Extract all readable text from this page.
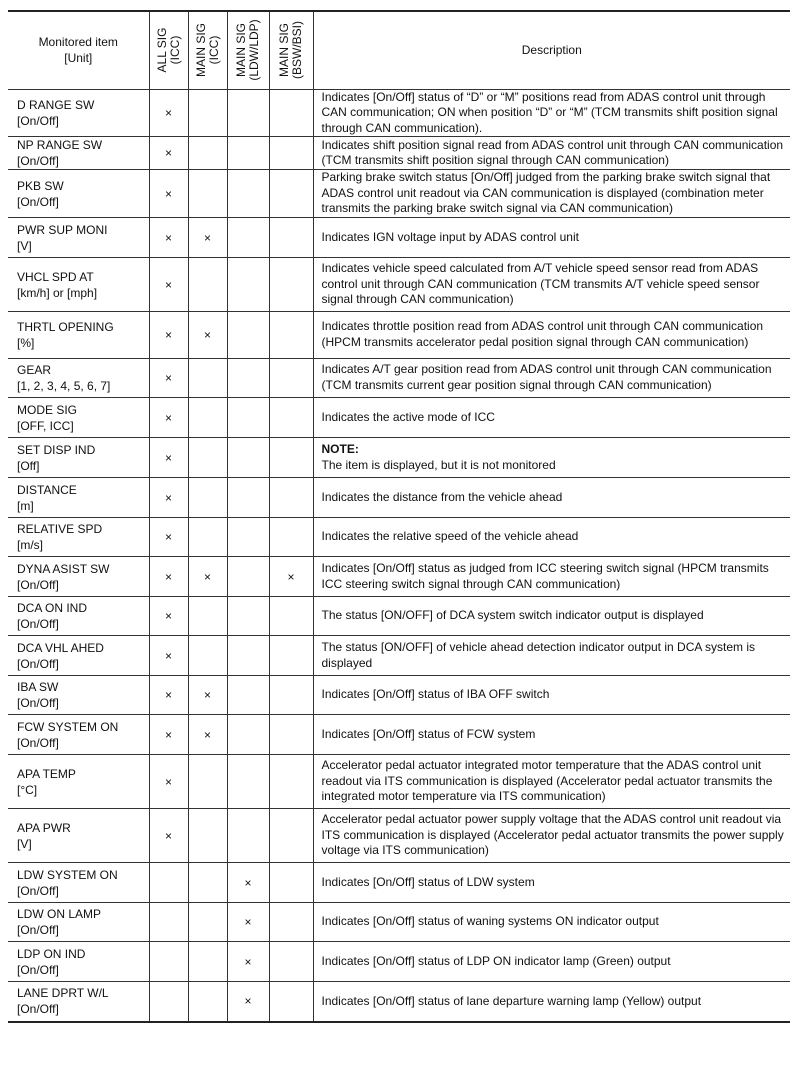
Monitored item
[Unit]	ALL SIG (ICC)	MAIN SIG (ICC)	MAIN SIG (LDW/LDP)	MAIN SIG (BSW/BSI)	Description

D RANGE SW
[On/Off]	×				Indicates [On/Off] status of “D” or “M” positions read from ADAS control unit through CAN communication; ON when position “D” or “M” (TCM transmits shift position signal through CAN communication).

NP RANGE SW
[On/Off]	×				Indicates shift position signal read from ADAS control unit through CAN communication (TCM transmits shift position signal through CAN communication)

PKB SW
[On/Off]	×				Parking brake switch status [On/Off] judged from the parking brake switch signal that ADAS control unit readout via CAN communication is displayed (combination meter transmits the parking brake switch signal via CAN communication)

PWR SUP MONI
[V]	×	×			Indicates IGN voltage input by ADAS control unit

VHCL SPD AT
[km/h] or [mph]	×				Indicates vehicle speed calculated from A/T vehicle speed sensor read from ADAS control unit through CAN communication (TCM transmits A/T vehicle speed sensor signal through CAN communication)

THRTL OPENING
[%]	×	×			Indicates throttle position read from ADAS control unit through CAN communication (HPCM transmits accelerator pedal position signal through CAN communication)

GEAR
[1, 2, 3, 4, 5, 6, 7]	×				Indicates A/T gear position read from ADAS control unit through CAN communication (TCM transmits current gear position signal through CAN communication)

MODE SIG
[OFF, ICC]	×				Indicates the active mode of ICC

SET DISP IND
[Off]	×				NOTE:
The item is displayed, but it is not monitored

DISTANCE
[m]	×				Indicates the distance from the vehicle ahead

RELATIVE SPD
[m/s]	×				Indicates the relative speed of the vehicle ahead

DYNA ASIST SW
[On/Off]	×	×		×	Indicates [On/Off] status as judged from ICC steering switch signal (HPCM transmits ICC steering switch signal through CAN communication)

DCA ON IND
[On/Off]	×				The status [ON/OFF] of DCA system switch indicator output is displayed

DCA VHL AHED
[On/Off]	×				The status [ON/OFF] of vehicle ahead detection indicator output in DCA system is displayed

IBA SW
[On/Off]	×	×			Indicates [On/Off] status of IBA OFF switch

FCW SYSTEM ON
[On/Off]	×	×			Indicates [On/Off] status of FCW system

APA TEMP
[°C]	×				Accelerator pedal actuator integrated motor temperature that the ADAS control unit readout via ITS communication is displayed (Accelerator pedal actuator transmits the integrated motor temperature via ITS communication)

APA PWR
[V]	×				Accelerator pedal actuator power supply voltage that the ADAS control unit readout via ITS communication is displayed (Accelerator pedal actuator transmits the power supply voltage via ITS communication)

LDW SYSTEM ON
[On/Off]			×		Indicates [On/Off] status of LDW system

LDW ON LAMP
[On/Off]			×		Indicates [On/Off] status of waning systems ON indicator output

LDP ON IND
[On/Off]			×		Indicates [On/Off] status of LDP ON indicator lamp (Green) output

LANE DPRT W/L
[On/Off]			×		Indicates [On/Off] status of lane departure warning lamp (Yellow) output
